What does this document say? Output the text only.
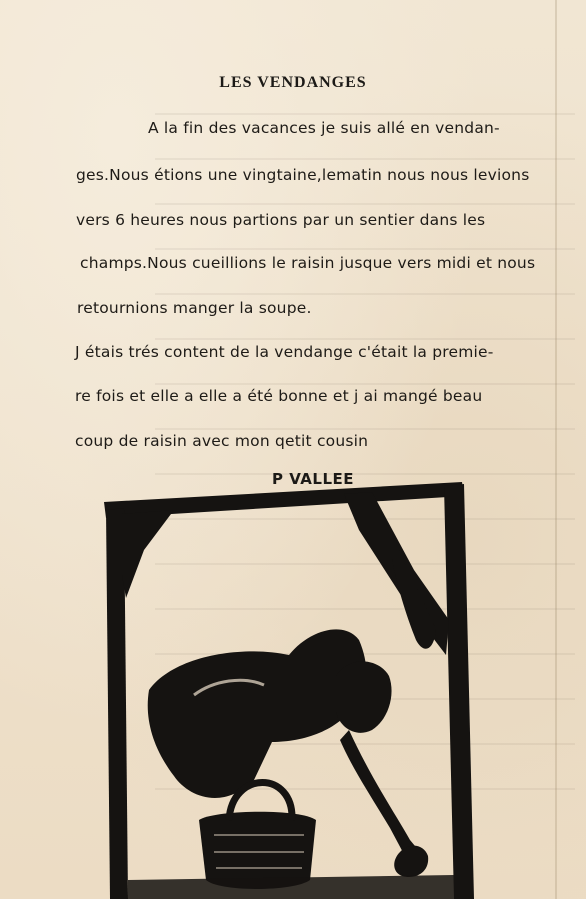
LES VENDANGES
A la fin des vacances je suis allé en vendan-
ges.Nous étions une vingtaine,lematin nous nous levions
vers 6 heures nous partions par un sentier dans les
champs.Nous cueillions le raisin jusque vers midi et nous
retournions manger la soupe.
J étais trés content de la vendange c'était la premie-
re fois et elle a elle a été bonne et j ai mangé beau
coup de raisin avec mon qetit cousin
P VALLEE
